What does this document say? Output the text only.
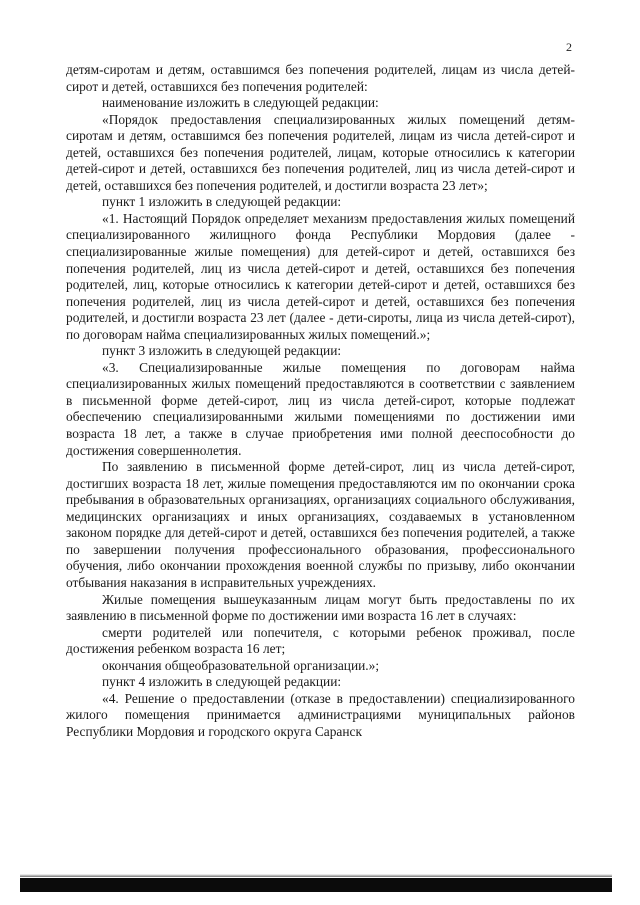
2

детям-сиротам и детям, оставшимся без попечения родителей, лицам из числа детей-сирот и детей, оставшихся без попечения родителей:

наименование изложить в следующей редакции:

«Порядок предоставления специализированных жилых помещений детям-сиротам и детям, оставшимся без попечения родителей, лицам из числа детей-сирот и детей, оставшихся без попечения родителей, лицам, которые относились к категории детей-сирот и детей, оставшихся без попечения родителей, лиц из числа детей-сирот и детей, оставшихся без попечения родителей, и достигли возраста 23 лет»;

пункт 1 изложить в следующей редакции:

«1. Настоящий Порядок определяет механизм предоставления жилых помещений специализированного жилищного фонда Республики Мордовия (далее - специализированные жилые помещения) для детей-сирот и детей, оставшихся без попечения родителей, лиц из числа детей-сирот и детей, оставшихся без попечения родителей, лиц, которые относились к категории детей-сирот и детей, оставшихся без попечения родителей, лиц из числа детей-сирот и детей, оставшихся без попечения родителей, и достигли возраста 23 лет (далее - дети-сироты, лица из числа детей-сирот), по договорам найма специализированных жилых помещений.»;

пункт 3 изложить в следующей редакции:

«3. Специализированные жилые помещения по договорам найма специализированных жилых помещений предоставляются в соответствии с заявлением в письменной форме детей-сирот, лиц из числа детей-сирот, которые подлежат обеспечению специализированными жилыми помещениями по достижении ими возраста 18 лет, а также в случае приобретения ими полной дееспособности до достижения совершеннолетия.

По заявлению в письменной форме детей-сирот, лиц из числа детей-сирот, достигших возраста 18 лет, жилые помещения предоставляются им по окончании срока пребывания в образовательных организациях, организациях социального обслуживания, медицинских организациях и иных организациях, создаваемых в установленном законом порядке для детей-сирот и детей, оставшихся без попечения родителей, а также по завершении получения профессионального образования, профессионального обучения, либо окончании прохождения военной службы по призыву, либо окончании отбывания наказания в исправительных учреждениях.

Жилые помещения вышеуказанным лицам могут быть предоставлены по их заявлению в письменной форме по достижении ими возраста 16 лет в случаях:

смерти родителей или попечителя, с которыми ребенок проживал, после достижения ребенком возраста 16 лет;

окончания общеобразовательной организации.»;

пункт 4 изложить в следующей редакции:

«4. Решение о предоставлении (отказе в предоставлении) специализированного жилого помещения принимается администрациями муниципальных районов Республики Мордовия и городского округа Саранск
